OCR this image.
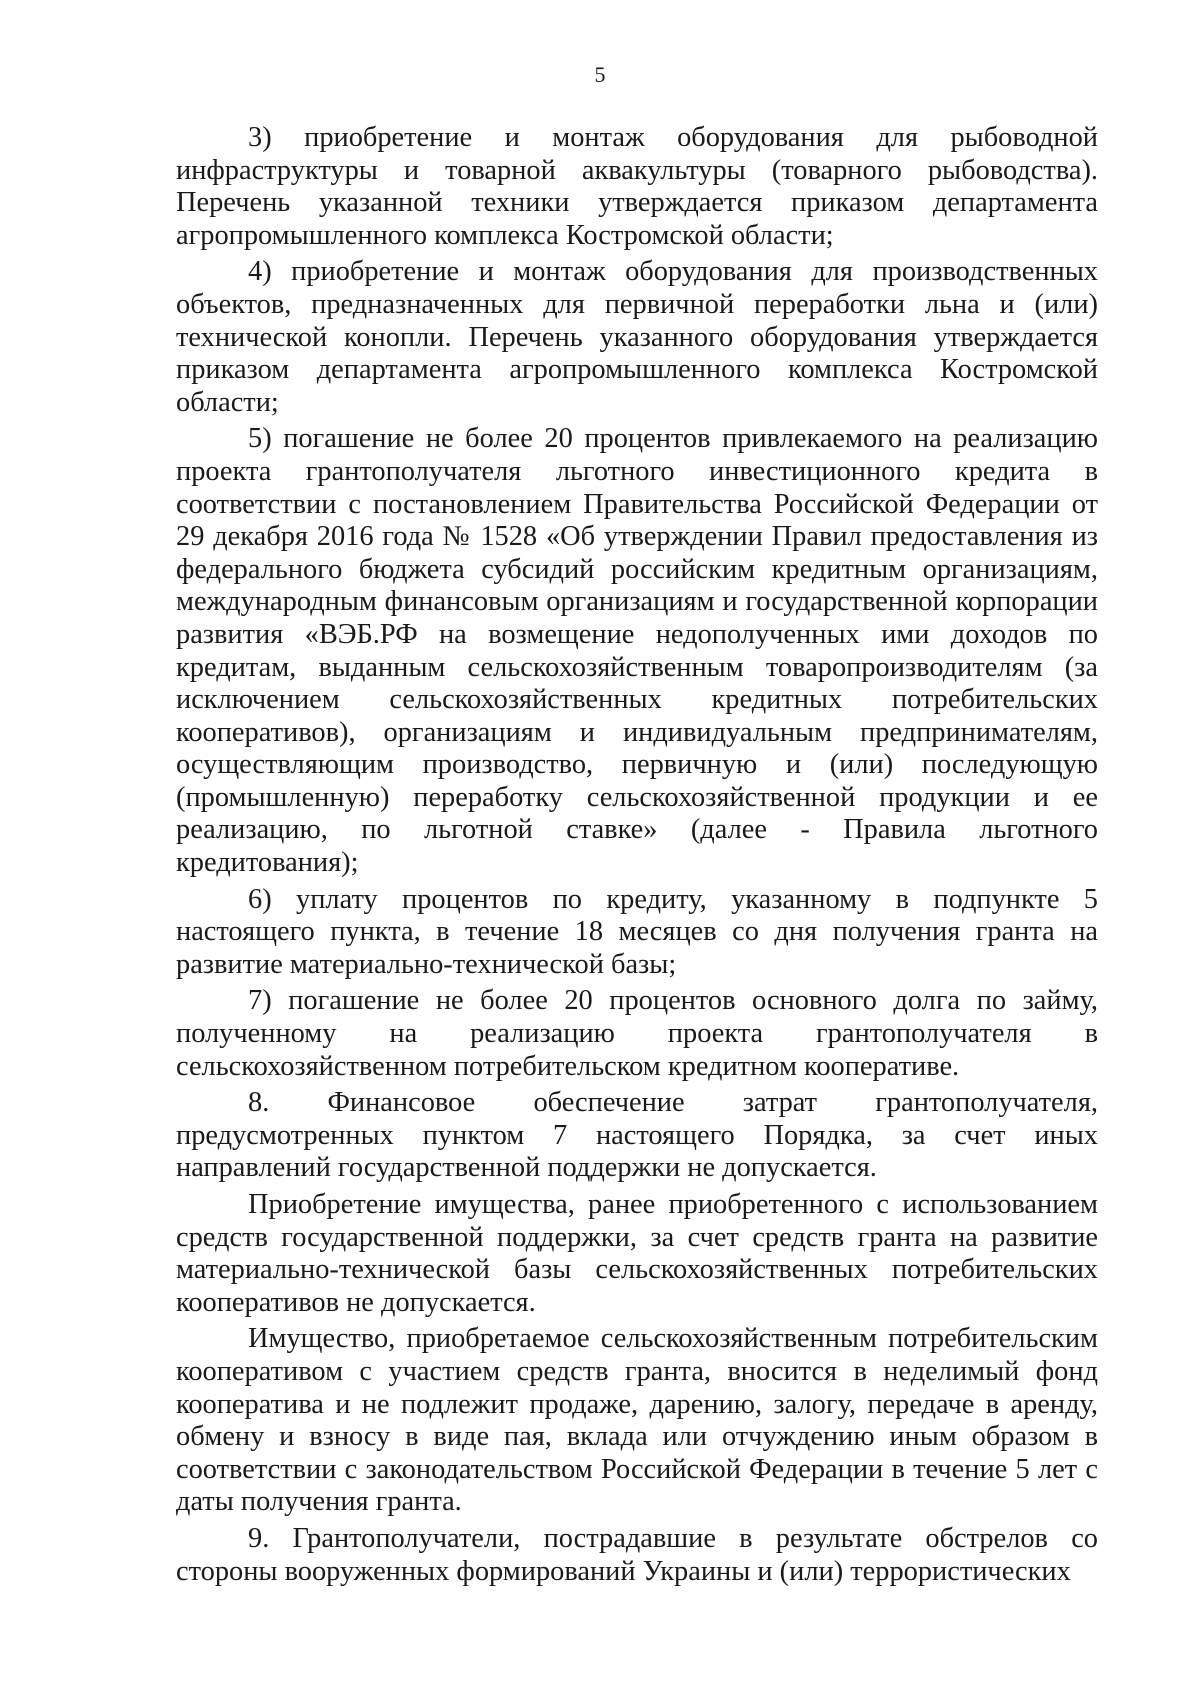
5

3) приобретение и монтаж оборудования для рыбоводной инфраструктуры и товарной аквакультуры (товарного рыбоводства). Перечень указанной техники утверждается приказом департамента агропромышленного комплекса Костромской области;

4) приобретение и монтаж оборудования для производственных объектов, предназначенных для первичной переработки льна и (или) технической конопли. Перечень указанного оборудования утверждается приказом департамента агропромышленного комплекса Костромской области;

5) погашение не более 20 процентов привлекаемого на реализацию проекта грантополучателя льготного инвестиционного кредита в соответствии с постановлением Правительства Российской Федерации от 29 декабря 2016 года № 1528 «Об утверждении Правил предоставления из федерального бюджета субсидий российским кредитным организациям, международным финансовым организациям и государственной корпорации развития «ВЭБ.РФ на возмещение недополученных ими доходов по кредитам, выданным сельскохозяйственным товаропроизводителям (за исключением сельскохозяйственных кредитных потребительских кооперативов), организациям и индивидуальным предпринимателям, осуществляющим производство, первичную и (или) последующую (промышленную) переработку сельскохозяйственной продукции и ее реализацию, по льготной ставке» (далее - Правила льготного кредитования);

6) уплату процентов по кредиту, указанному в подпункте 5 настоящего пункта, в течение 18 месяцев со дня получения гранта на развитие материально-технической базы;

7) погашение не более 20 процентов основного долга по займу, полученному на реализацию проекта грантополучателя в сельскохозяйственном потребительском кредитном кооперативе.

8. Финансовое обеспечение затрат грантополучателя, предусмотренных пунктом 7 настоящего Порядка, за счет иных направлений государственной поддержки не допускается.

Приобретение имущества, ранее приобретенного с использованием средств государственной поддержки, за счет средств гранта на развитие материально-технической базы сельскохозяйственных потребительских кооперативов не допускается.

Имущество, приобретаемое сельскохозяйственным потребительским кооперативом с участием средств гранта, вносится в неделимый фонд кооператива и не подлежит продаже, дарению, залогу, передаче в аренду, обмену и взносу в виде пая, вклада или отчуждению иным образом в соответствии с законодательством Российской Федерации в течение 5 лет с даты получения гранта.

9. Грантополучатели, пострадавшие в результате обстрелов со стороны вооруженных формирований Украины и (или) террористических
